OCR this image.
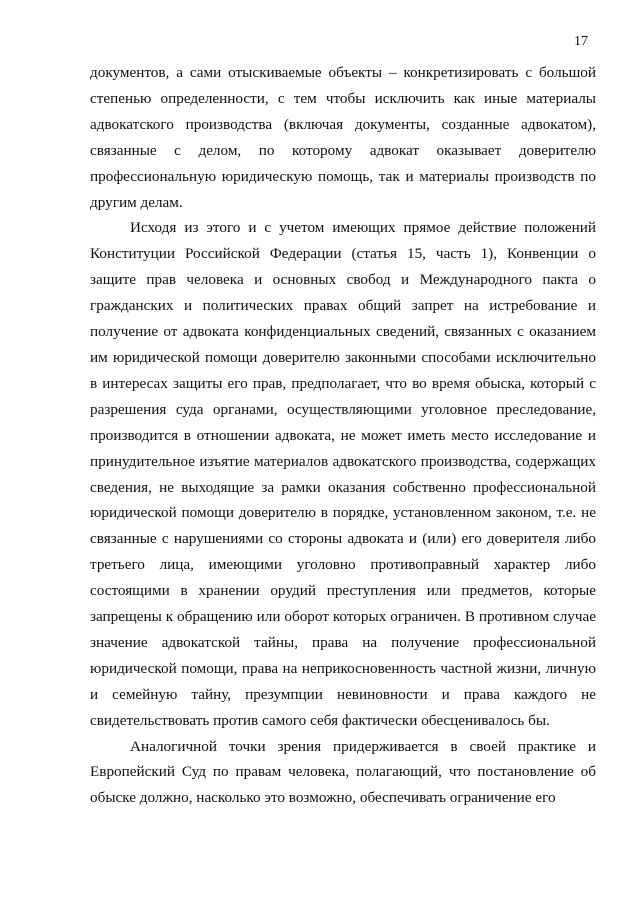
17

документов, а сами отыскиваемые объекты – конкретизировать с большой степенью определенности, с тем чтобы исключить как иные материалы адвокатского производства (включая документы, созданные адвокатом), связанные с делом, по которому адвокат оказывает доверителю профессиональную юридическую помощь, так и материалы производств по другим делам.

Исходя из этого и с учетом имеющих прямое действие положений Конституции Российской Федерации (статья 15, часть 1), Конвенции о защите прав человека и основных свобод и Международного пакта о гражданских и политических правах общий запрет на истребование и получение от адвоката конфиденциальных сведений, связанных с оказанием им юридической помощи доверителю законными способами исключительно в интересах защиты его прав, предполагает, что во время обыска, который с разрешения суда органами, осуществляющими уголовное преследование, производится в отношении адвоката, не может иметь место исследование и принудительное изъятие материалов адвокатского производства, содержащих сведения, не выходящие за рамки оказания собственно профессиональной юридической помощи доверителю в порядке, установленном законом, т.е. не связанные с нарушениями со стороны адвоката и (или) его доверителя либо третьего лица, имеющими уголовно противоправный характер либо состоящими в хранении орудий преступления или предметов, которые запрещены к обращению или оборот которых ограничен. В противном случае значение адвокатской тайны, права на получение профессиональной юридической помощи, права на неприкосновенность частной жизни, личную и семейную тайну, презумпции невиновности и права каждого не свидетельствовать против самого себя фактически обесценивалось бы.

Аналогичной точки зрения придерживается в своей практике и Европейский Суд по правам человека, полагающий, что постановление об обыске должно, насколько это возможно, обеспечивать ограничение его
